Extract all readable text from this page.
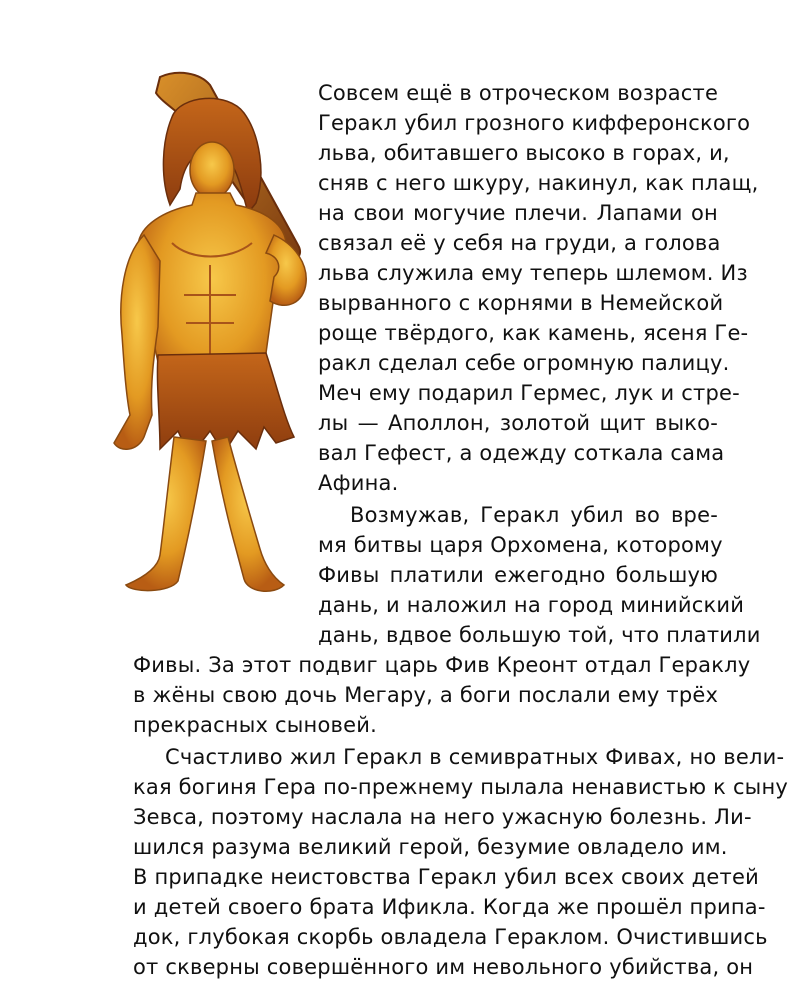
Совсем ещё в отроческом возрасте
Геракл убил грозного кифферонского
льва, обитавшего высоко в горах, и,
сняв с него шкуру, накинул, как плащ,
на свои могучие плечи. Лапами он
связал её у себя на груди, а голова
льва служила ему теперь шлемом. Из
вырванного с корнями в Немейской
роще твёрдого, как камень, ясеня Ге-
ракл сделал себе огромную палицу.
Меч ему подарил Гермес, лук и стре-
лы — Аполлон, золотой щит выко-
вал Гефест, а одежду соткала сама
Афина.
Возмужав, Геракл убил во вре-
мя битвы царя Орхомена, которому
Фивы платили ежегодно большую
дань, и наложил на город минийский
дань, вдвое большую той, что платили
Фивы. За этот подвиг царь Фив Креонт отдал Гераклу
в жёны свою дочь Мегару, а боги послали ему трёх
прекрасных сыновей.
Счастливо жил Геракл в семивратных Фивах, но вели-
кая богиня Гера по-прежнему пылала ненавистью к сыну
Зевса, поэтому наслала на него ужасную болезнь. Ли-
шился разума великий герой, безумие овладело им.
В припадке неистовства Геракл убил всех своих детей
и детей своего брата Ификла. Когда же прошёл припа-
док, глубокая скорбь овладела Гераклом. Очистившись
от скверны совершённого им невольного убийства, он
